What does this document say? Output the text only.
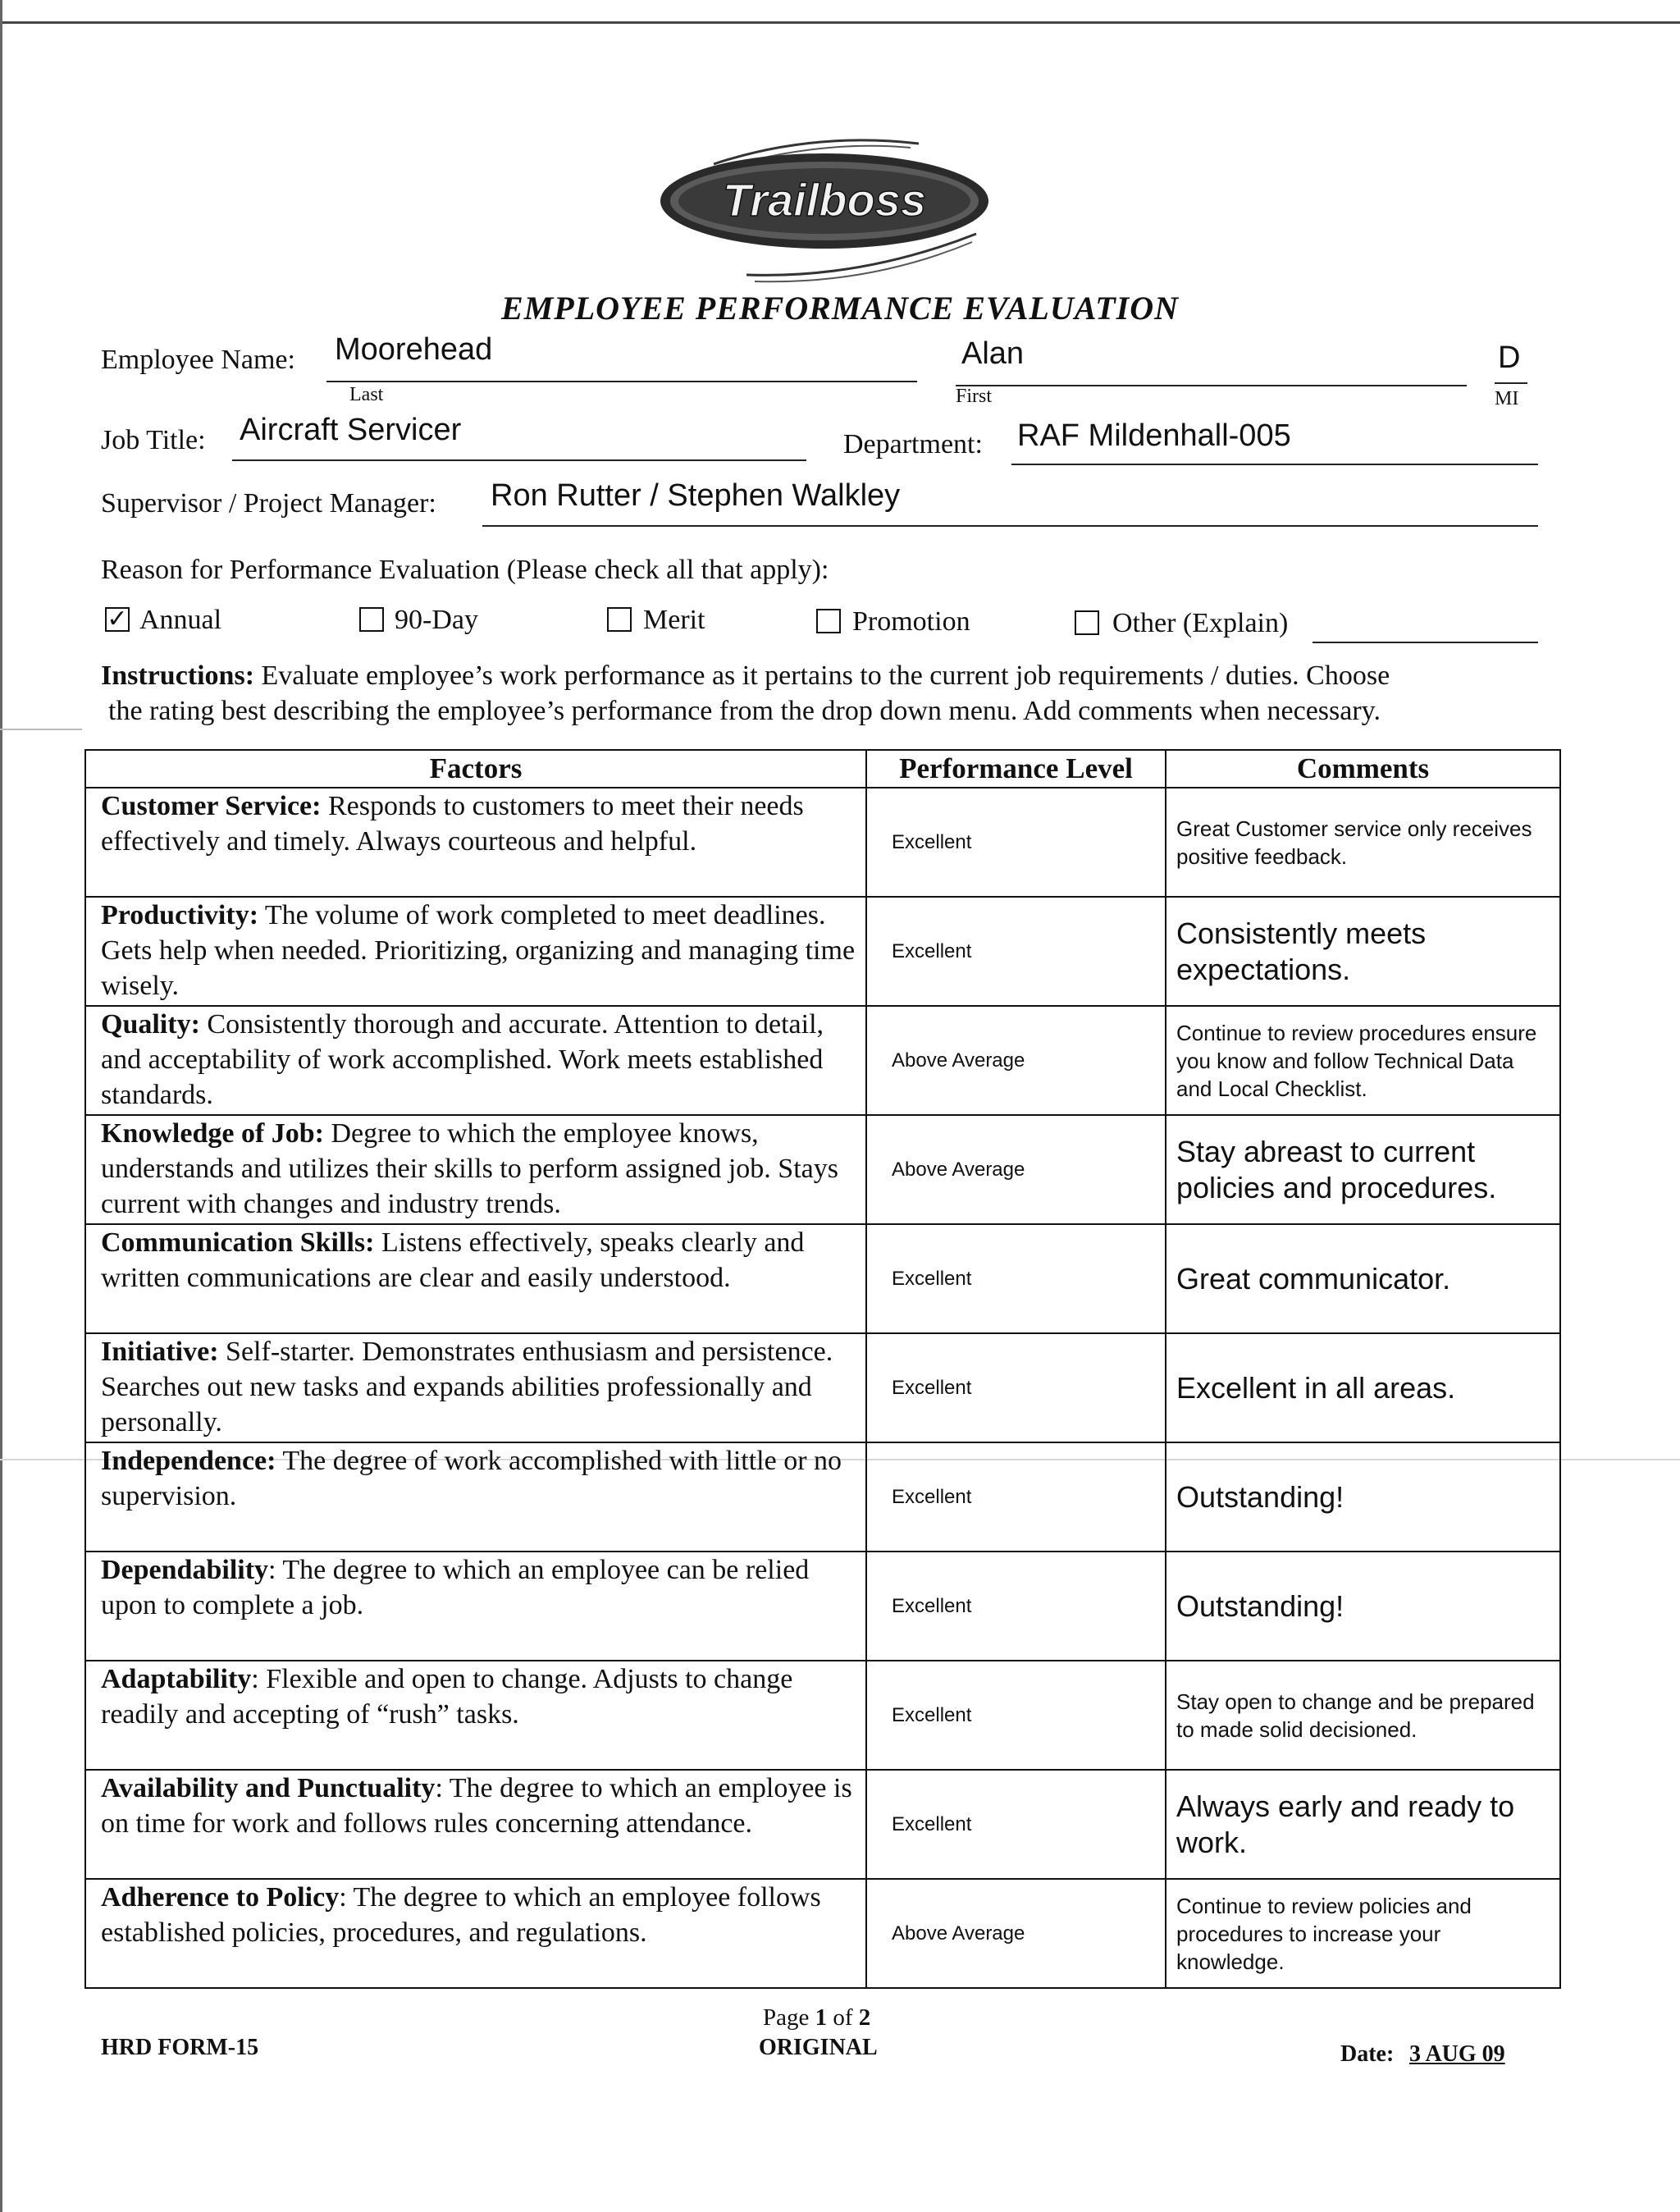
Trailboss
EMPLOYEE PERFORMANCE EVALUATION
Employee Name: Moorehead
Last
Alan
First
D
MI
Job Title: Aircraft Servicer	Department: RAF Mildenhall-005
Supervisor / Project Manager: Ron Rutter / Stephen Walkley
Reason for Performance Evaluation (Please check all that apply):
✓ Annual	90-Day	Merit	Promotion	Other (Explain)
Instructions: Evaluate employee’s work performance as it pertains to the current job requirements / duties. Choose
the rating best describing the employee’s performance from the drop down menu. Add comments when necessary.
Factors	Performance Level	Comments
Customer Service: Responds to customers to meet their needs effectively and timely. Always courteous and helpful.	Excellent	Great Customer service only receives positive feedback.
Productivity: The volume of work completed to meet deadlines. Gets help when needed. Prioritizing, organizing and managing time wisely.	Excellent	Consistently meets expectations.
Quality: Consistently thorough and accurate. Attention to detail, and acceptability of work accomplished. Work meets established standards.	Above Average	Continue to review procedures ensure you know and follow Technical Data and Local Checklist.
Knowledge of Job: Degree to which the employee knows, understands and utilizes their skills to perform assigned job. Stays current with changes and industry trends.	Above Average	Stay abreast to current policies and procedures.
Communication Skills: Listens effectively, speaks clearly and written communications are clear and easily understood.	Excellent	Great communicator.
Initiative: Self-starter. Demonstrates enthusiasm and persistence. Searches out new tasks and expands abilities professionally and personally.	Excellent	Excellent in all areas.
Independence: The degree of work accomplished with little or no supervision.	Excellent	Outstanding!
Dependability: The degree to which an employee can be relied upon to complete a job.	Excellent	Outstanding!
Adaptability: Flexible and open to change. Adjusts to change readily and accepting of “rush” tasks.	Excellent	Stay open to change and be prepared to made solid decisioned.
Availability and Punctuality: The degree to which an employee is on time for work and follows rules concerning attendance.	Excellent	Always early and ready to work.
Adherence to Policy: The degree to which an employee follows established policies, procedures, and regulations.	Above Average	Continue to review policies and procedures to increase your knowledge.
HRD FORM-15
Page 1 of 2
ORIGINAL	Date: 3 AUG 09
